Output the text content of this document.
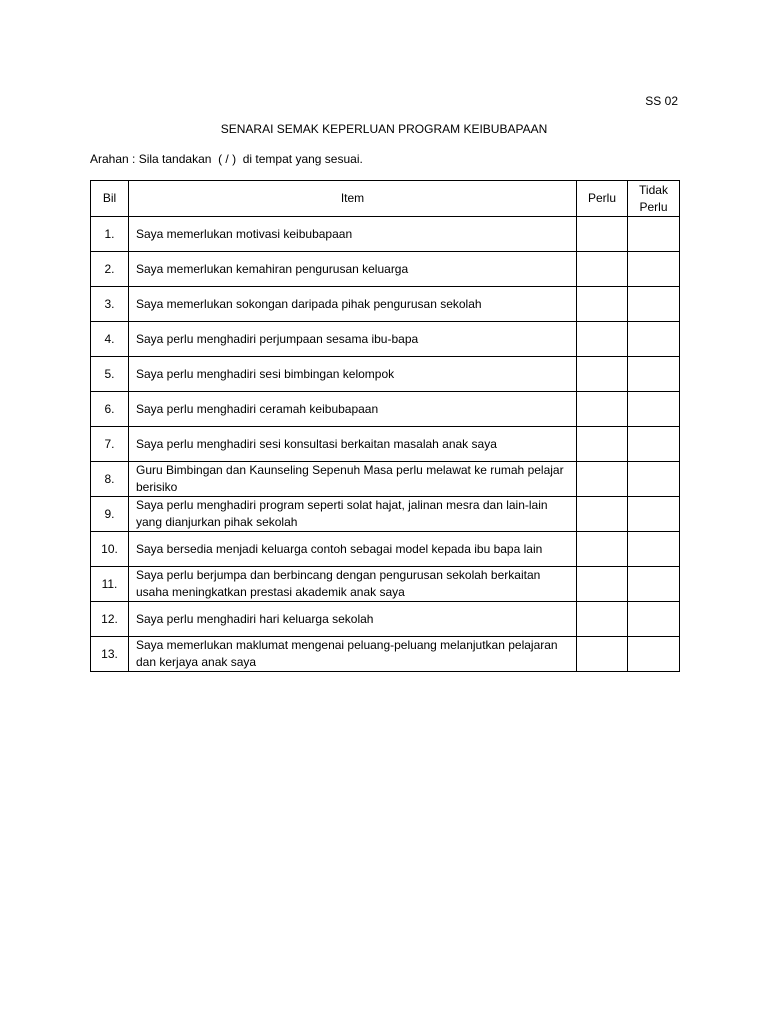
SS 02
SENARAI SEMAK KEPERLUAN PROGRAM KEIBUBAPAAN
Arahan : Sila tandakan  ( / )  di tempat yang sesuai.
Bil	Item	Perlu	Tidak
Perlu
1.	Saya memerlukan motivasi keibubapaan		
2.	Saya memerlukan kemahiran pengurusan keluarga		
3.	Saya memerlukan sokongan daripada pihak pengurusan sekolah		
4.	Saya perlu menghadiri perjumpaan sesama ibu-bapa		
5.	Saya perlu menghadiri sesi bimbingan kelompok		
6.	Saya perlu menghadiri ceramah keibubapaan		
7.	Saya perlu menghadiri sesi konsultasi berkaitan masalah anak saya		
8.	Guru Bimbingan dan Kaunseling Sepenuh Masa perlu melawat ke rumah pelajar berisiko		
9.	Saya perlu menghadiri program seperti solat hajat, jalinan mesra dan lain-lain yang dianjurkan pihak sekolah		
10.	Saya bersedia menjadi keluarga contoh sebagai model kepada ibu bapa lain		
11.	Saya perlu berjumpa dan berbincang dengan pengurusan sekolah berkaitan usaha meningkatkan prestasi akademik anak saya		
12.	Saya perlu menghadiri hari keluarga sekolah		
13.	Saya memerlukan maklumat mengenai peluang-peluang melanjutkan pelajaran dan kerjaya anak saya		
